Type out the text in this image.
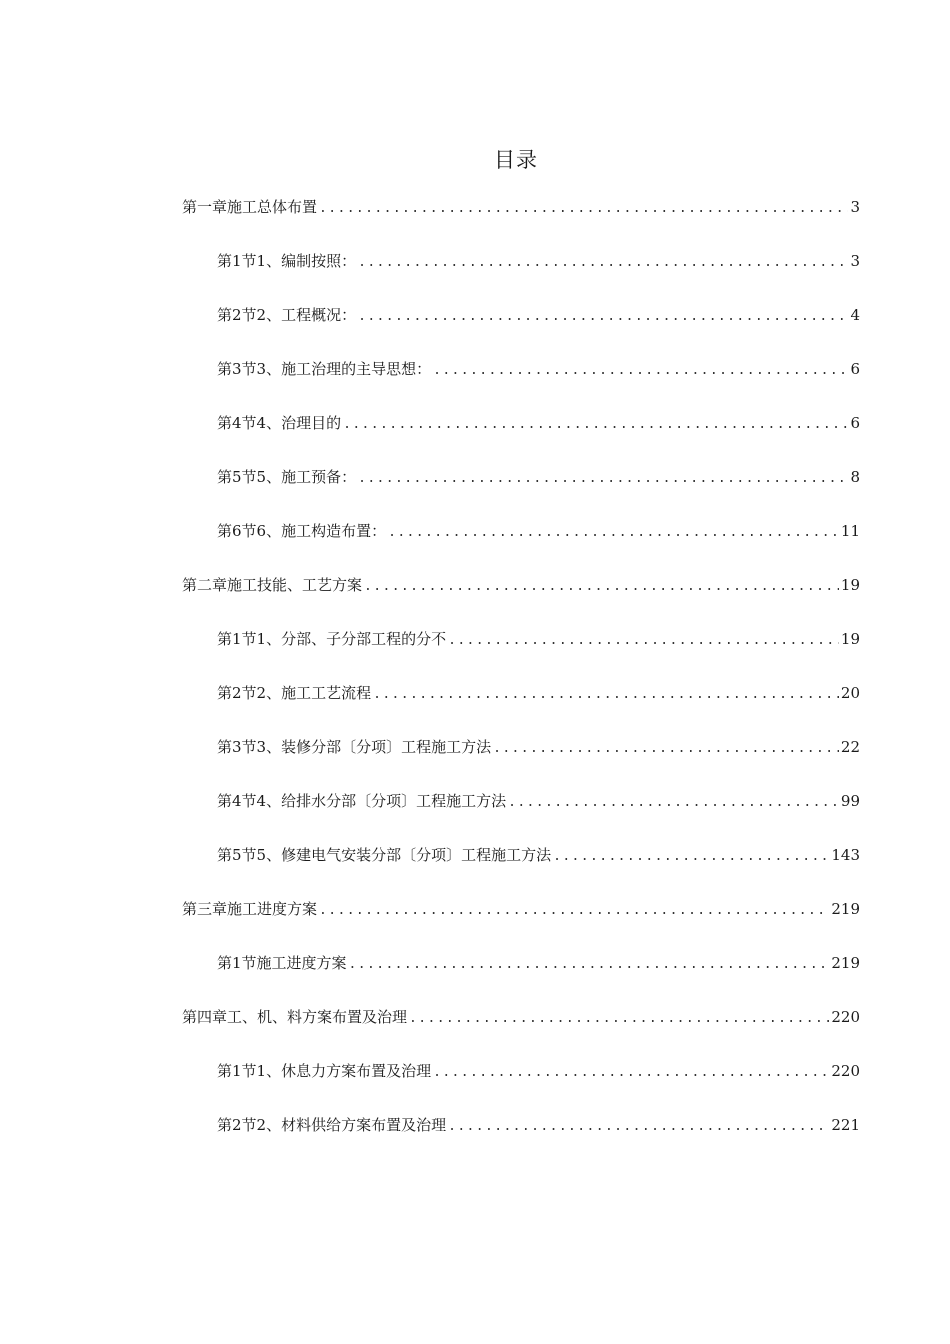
目录
第一章施工总体布置 .....	3
第1节1、编制按照： .....	3
第2节2、工程概况： .....	4
第3节3、施工治理的主导思想： .....	6
第4节4、治理目的 .....	6
第5节5、施工预备： .....	8
第6节6、施工构造布置： .....	11
第二章施工技能、工艺方案 .....	19
第1节1、分部、子分部工程的分不 .....	19
第2节2、施工工艺流程 .....	20
第3节3、装修分部〔分项〕工程施工方法 .....	22
第4节4、给排水分部〔分项〕工程施工方法 .....	99
第5节5、修建电气安装分部〔分项〕工程施工方法 .....	143
第三章施工进度方案 .....	219
第1节施工进度方案 .....	219
第四章工、机、料方案布置及治理 .....	220
第1节1、休息力方案布置及治理 .....	220
第2节2、材料供给方案布置及治理 .....	221
